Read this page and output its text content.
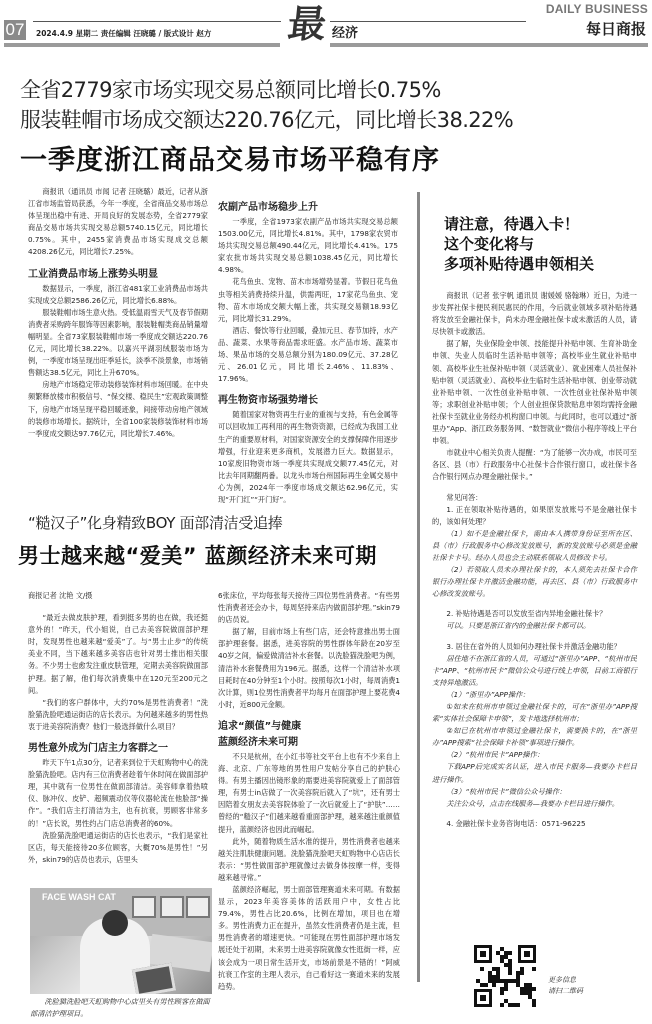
07 2024.4.9 星期二 责任编辑 汪晓璐 / 版式设计 赵方 最 经济
DAILY BUSINESS
每日商报
全省2779家市场实现交易总额同比增长0.75%
服装鞋帽市场成交额达220.76亿元，同比增长38.22%
一季度浙江商品交易市场平稳有序

商报讯（通讯员 市闻 记者 汪晓璐）最近，记者从浙江省市场监管局获悉，今年一季度，全省商品交易市场总体呈现出稳中有进、开局良好的发展态势，全省2779家商品交易市场共实现交易总额5740.15亿元，同比增长0.75%。其中，2455家消费品市场实现成交总额4208.26亿元，同比增长7.25%。

工业消费品市场上涨势头明显

数据显示，一季度，浙江省481家工业消费品市场共实现成交总额2586.26亿元，同比增长6.88%。

服装鞋帽市场生意火热。受低温雨雪天气及春节假期消费者采购跨年服饰等因素影响，服装鞋帽类商品销量增幅明显。全省73家服装鞋帽市场一季度成交额达220.76亿元，同比增长38.22%。以嘉兴平湖羽绒服装市场为例，一季度市场呈现出旺季延长，淡季不淡景象，市场销售额达38.5亿元，同比上升670%。

房地产市场稳定带动装修装饰材料市场回暖。在中央频繁释放楼市积极信号、“保交楼、稳民生”宏观政策调整下，房地产市场呈现平稳回暖迹象，间接带动房地产领域的装修市场增长。据统计，全省100家装修装饰材料市场一季度成交额达97.76亿元，同比增长7.46%。

农副产品市场稳步上升

一季度，全省1973家农副产品市场共实现交易总额1503.00亿元，同比增长4.81%。其中，1798家农贸市场共实现交易总额490.44亿元，同比增长4.41%。175家农批市场共实现交易总额1038.45亿元，同比增长4.98%。

花鸟鱼虫、宠物、苗木市场增势显著。节假日花鸟鱼虫等相关消费持续升温，供需两旺，17家花鸟鱼虫、宠物、苗木市场成交额大幅上涨，共实现交易额18.93亿元，同比增长31.29%。

酒店、餐饮等行业回暖，叠加元旦、春节加持，水产品、蔬菜、水果等商品需求旺盛。水产品市场、蔬菜市场、果品市场的交易总额分别为180.09亿元、37.28亿元、26.01亿元，同比增长2.46%、11.83%、17.96%。

再生物资市场强势增长

随着国家对物资再生行业的重视与支持，有色金属等可以回收加工再利用的再生物资资源，已经成为我国工业生产的重要原材料，对国家资源安全的支撑保障作用逐步增强，行业迎来更多商机，发展潜力巨大。数据显示，10家废旧物资市场一季度共实现成交额77.45亿元，对比去年同期翻两番。以龙头市场台州国际再生金属交易中心为例，2024年一季度市场成交额达62.96亿元，实现“开门红”“开门好”。

请注意，待遇入卡！
这个变化将与
多项补贴待遇申领相关

商报讯（记者 张宇帆 通讯员 谢媛媛 骆翰琳）近日，为进一步发挥社保卡便民利民惠民的作用，今后就业领域多项补贴待遇将发放至金融社保卡，尚未办理金融社保卡或未激活的人员，请尽快领卡或激活。

据了解，失业保险金申领、技能提升补贴申领、生育补助金申领、失业人员临时生活补贴申领等；高校毕业生就业补贴申领、高校毕业生社保补贴申领（灵活就业）、就业困难人员社保补贴申领（灵活就业）、高校毕业生临时生活补贴申领、创业带动就业补贴申领、一次性创业补贴申领、一次性创业社保补贴申领等；求职创业补贴申领；个人创业担保贷款贴息申领均需持金融社保卡至就业业务经办机构窗口申领。与此同时，也可以通过“浙里办”App、浙江政务服务网、“数智就业”微信小程序等线上平台申领。

市就业中心相关负责人提醒：“为了能够一次办成，市民可至各区、县（市）行政服务中心社保卡合作银行窗口，或社保卡各合作银行网点办理金融社保卡。”

常见问答：

1. 正在领取补贴待遇的，如果原发放账号不是金融社保卡的，该如何处理？

（1）如不是金融社保卡，需由本人携带身份证至所在区、县（市）行政服务中心修改发放账号，新的发放账号必须是金融社保卡卡号。经办人员也会主动联系领取人员修改卡号。

（2）若领取人员未办理社保卡的，本人须先去社保卡合作银行办理社保卡并激活金融功能，再去区、县（市）行政服务中心修改发放账号。

2. 补贴待遇是否可以发放至省内异地金融社保卡？

可以。只要是浙江省内的金融社保卡都可以。

3. 居住在省外的人员如何办理社保卡并激活金融功能？

居住地不在浙江省的人员，可通过“浙里办”APP、“杭州市民卡”APP、“杭州市民卡”微信公众号进行线上申领，目前工商银行支持异地激活。

（1）“浙里办”APP操作：

①如未在杭州市申领过金融社保卡的，可在“浙里办”APP搜索“实体社会保障卡申领”，发卡地选择杭州市；

②如已在杭州市申领过金融社保卡，需要换卡的，在“浙里办”APP搜索“社会保障卡补领”事项进行操作。

（2）“杭州市民卡”APP操作：

下载APP后完成实名认证，进入市民卡服务—我要办卡栏目进行操作。

（3）“杭州市民卡”微信公众号操作：

关注公众号，点击在线服务—我要办卡栏目进行操作。

4. 金融社保卡业务咨询电话：0571-96225

更多信息
请扫二维码
“糙汉子”化身精致BOY 面部清洁受追捧
男士越来越“爱美” 蓝颜经济未来可期

商报记者 沈艳 文/摄

“最近去做皮肤护理，看到挺多男的也在做，我还挺意外的！”昨天，代小姐说，自己去美容院做面部护理时，发现男性也越来越“爱美”了。与“男士止步”的传统美业不同，当下越来越多美容店也针对男士推出相关服务。不少男士也愈发注重皮肤管理，定期去美容院做面部护理。据了解，他们每次消费集中在120元至200元之间。

“我们的客户群体中，大约70%是男性消费者！”洗脸猫洗脸吧通运街店的店长表示。为何越来越多的男性热衷于进美容院消费？他们一般选择做什么项目？

男性意外成为门店主力客群之一

昨天下午1点30分，记者来到位于天虹购物中心的洗脸猫洗脸吧。店内有三位消费者趁着午休时间在做面部护理，其中就有一位男性在做面部清洁。美容师拿着热喷仪、脉冲仪、皮铲、超频震动仪等仪器轮流在他脸部“操作”。“我们店主打清洁为主，也有抗衰，男顾客非常多的！”店长说，男性约占门店总消费者的60%。

洗脸猫洗脸吧通运街店的店长也表示，“我们是家社区店，每天能接待20多位顾客，大概70%是男性！”另外，skin79的店员也表示，店里头

6张床位，平均每张每天接待三四位男性消费者。“有些男性消费者还会办卡，每周坚持来店内做面部护理。”skin79的店员说。

据了解，目前市场上有些门店，还会特意推出男士面部护理套餐。据悉，进美容院的男性群体年龄在20岁至40岁之间，偏爱做清洁补水套餐。以洗脸猫洗脸吧为例，清洁补水套餐费用为196元。据悉，这样一个清洁补水项目耗时在40分钟至1个小时。按照每次1小时，每周消费1次计算，则1位男性消费者平均每月在面部护理上要花费4小时，近800元金额。

追求“颜值”与健康

蓝颜经济未来可期

不只是杭州，在小红书等社交平台上也有不少来自上海、北京、广东等地的男性用户发帖分享自己的护肤心得。有男主播因出镜形象的需要进美容院就爱上了面部管理，有男士in店做了一次美容院后就入了“坑”，还有男士因陪着女朋友去美容院体验了一次后就爱上了“护肤”……曾经的“糙汉子”们越来越看重面部护理，越来越注重颜值提升，蓝颜经济也因此而崛起。

此外，随着物质生活水准的提升，男性消费者也越来越关注肌肤健康问题。洗脸猫洗脸吧天虹购物中心店店长表示：“男性做面部护理就像过去做身体按摩一样，变得越来越寻常。”

蓝颜经济崛起，男士面部管理赛道未来可期。有数据显示，2023年美容美体的活跃用户中，女性占比79.4%，男性占比20.6%，比例在增加，项目也在增多。男性消费力正在提升，虽然女性消费者仍是主流，但男性消费者的增速更快。“可能现在男性面部护理市场发展还处于初期，未来男士进美容院就像女性逛街一样，应该会成为一项日常生活开支，市场前景是不错的！”阿威抗衰工作室的主理人表示，自己看好这一赛道未来的发展趋势。

FACE WASH CAT
洗脸猫洗脸吧天虹购物中心店里头有男性顾客在做面部清洁护理项目。
